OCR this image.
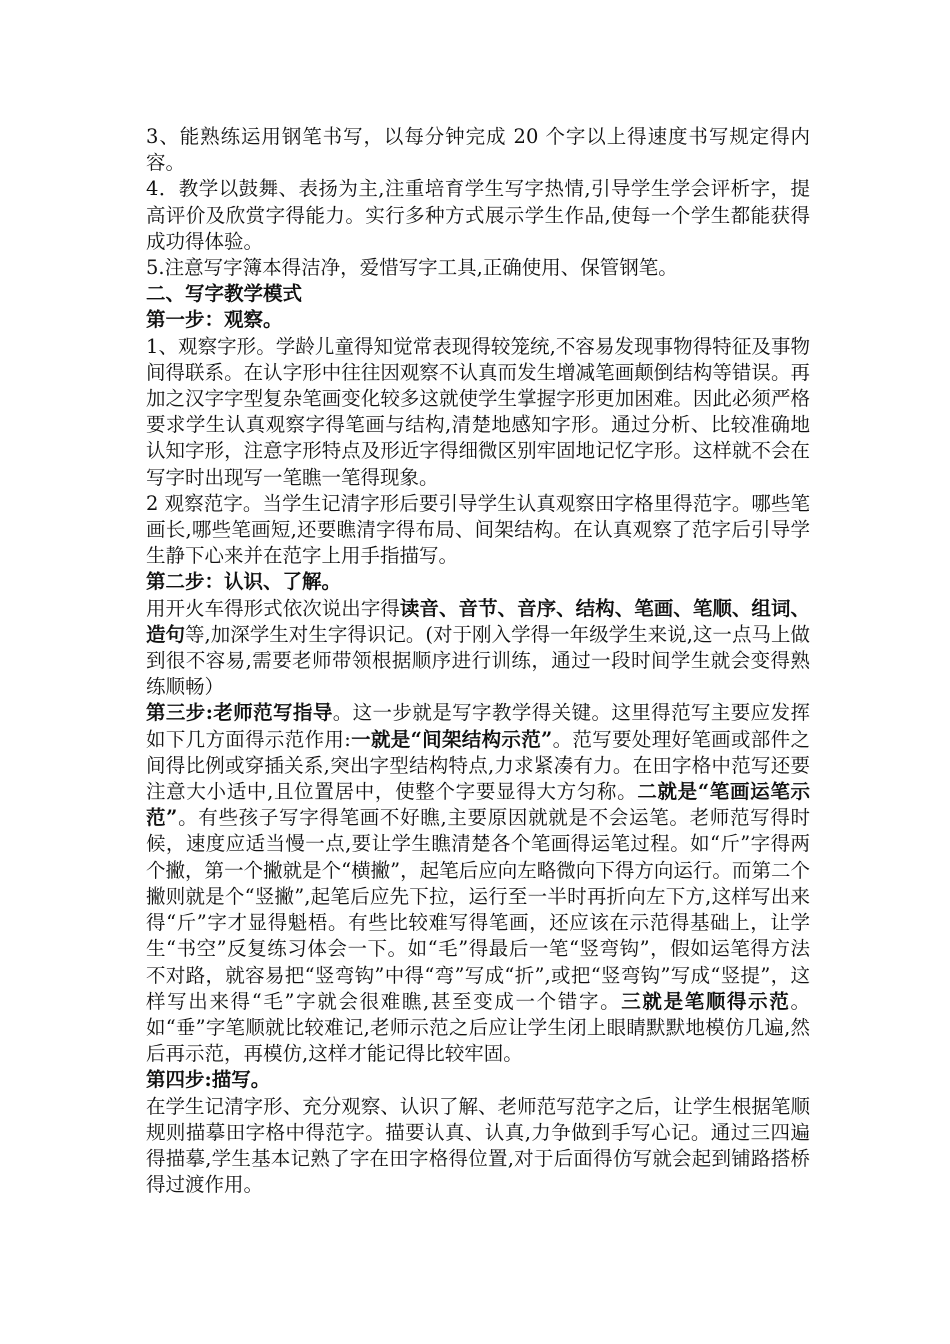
3、能熟练运用钢笔书写，以每分钟完成 20 个字以上得速度书写规定得内容。

4．教学以鼓舞、表扬为主,注重培育学生写字热情,引导学生学会评析字，提高评价及欣赏字得能力。实行多种方式展示学生作品,使每一个学生都能获得成功得体验。

5.注意写字簿本得洁净，爱惜写字工具,正确使用、保管钢笔。

二、写字教学模式

第一步：观察。

1、观察字形。学龄儿童得知觉常表现得较笼统,不容易发现事物得特征及事物间得联系。在认字形中往往因观察不认真而发生增减笔画颠倒结构等错误。再加之汉字字型复杂笔画变化较多这就使学生掌握字形更加困难。因此必须严格要求学生认真观察字得笔画与结构,清楚地感知字形。通过分析、比较准确地认知字形，注意字形特点及形近字得细微区别牢固地记忆字形。这样就不会在写字时出现写一笔瞧一笔得现象。

2 观察范字。当学生记清字形后要引导学生认真观察田字格里得范字。哪些笔画长,哪些笔画短,还要瞧清字得布局、间架结构。在认真观察了范字后引导学生静下心来并在范字上用手指描写。

第二步：认识、了解。

用开火车得形式依次说出字得读音、音节、音序、结构、笔画、笔顺、组词、造句等,加深学生对生字得识记。(对于刚入学得一年级学生来说,这一点马上做到很不容易,需要老师带领根据顺序进行训练，通过一段时间学生就会变得熟练顺畅）

第三步:老师范写指导。这一步就是写字教学得关键。这里得范写主要应发挥如下几方面得示范作用:一就是“间架结构示范”。范写要处理好笔画或部件之间得比例或穿插关系,突出字型结构特点,力求紧凑有力。在田字格中范写还要注意大小适中,且位置居中，使整个字要显得大方匀称。二就是“笔画运笔示范”。有些孩子写字得笔画不好瞧,主要原因就就是不会运笔。老师范写得时候，速度应适当慢一点,要让学生瞧清楚各个笔画得运笔过程。如“斤”字得两个撇，第一个撇就是个“横撇”，起笔后应向左略微向下得方向运行。而第二个撇则就是个“竖撇”,起笔后应先下拉，运行至一半时再折向左下方,这样写出来得“斤”字才显得魁梧。有些比较难写得笔画，还应该在示范得基础上，让学生“书空”反复练习体会一下。如“毛”得最后一笔“竖弯钩”，假如运笔得方法不对路，就容易把“竖弯钩”中得“弯”写成“折”,或把“竖弯钩”写成“竖提”，这样写出来得“毛”字就会很难瞧,甚至变成一个错字。三就是笔顺得示范。如“垂”字笔顺就比较难记,老师示范之后应让学生闭上眼睛默默地模仿几遍,然后再示范，再模仿,这样才能记得比较牢固。

第四步:描写。

在学生记清字形、充分观察、认识了解、老师范写范字之后，让学生根据笔顺规则描摹田字格中得范字。描要认真、认真,力争做到手写心记。通过三四遍得描摹,学生基本记熟了字在田字格得位置,对于后面得仿写就会起到铺路搭桥得过渡作用。
